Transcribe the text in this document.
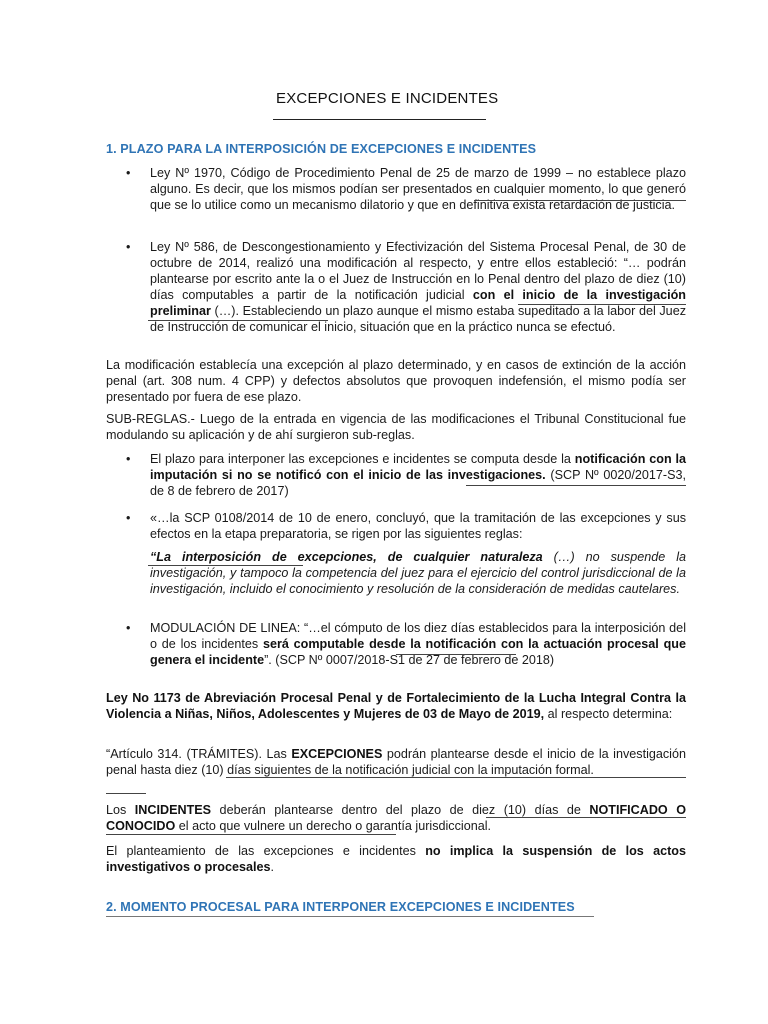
EXCEPCIONES E INCIDENTES
1. PLAZO PARA LA INTERPOSICIÓN DE EXCEPCIONES E INCIDENTES
• Ley Nº 1970, Código de Procedimiento Penal de 25 de marzo de 1999 – no establece plazo alguno. Es decir, que los mismos podían ser presentados en cualquier momento, lo que generó que se lo utilice como un mecanismo dilatorio y que en definitiva exista retardación de justicia.
• Ley Nº 586, de Descongestionamiento y Efectivización del Sistema Procesal Penal, de 30 de octubre de 2014, realizó una modificación al respecto, y entre ellos estableció: “… podrán plantearse por escrito ante la o el Juez de Instrucción en lo Penal dentro del plazo de diez (10) días computables a partir de la notificación judicial con el inicio de la investigación preliminar (…). Estableciendo un plazo aunque el mismo estaba supeditado a la labor del Juez de Instrucción de comunicar el inicio, situación que en la práctico nunca se efectuó.
La modificación establecía una excepción al plazo determinado, y en casos de extinción de la acción penal (art. 308 num. 4 CPP) y defectos absolutos que provoquen indefensión, el mismo podía ser presentado por fuera de ese plazo.
SUB-REGLAS.- Luego de la entrada en vigencia de las modificaciones el Tribunal Constitucional fue modulando su aplicación y de ahí surgieron sub-reglas.
• El plazo para interponer las excepciones e incidentes se computa desde la notificación con la imputación si no se notificó con el inicio de las investigaciones. (SCP Nº 0020/2017-S3, de 8 de febrero de 2017)
• «…la SCP 0108/2014 de 10 de enero, concluyó, que la tramitación de las excepciones y sus efectos en la etapa preparatoria, se rigen por las siguientes reglas:
“La interposición de excepciones, de cualquier naturaleza (…) no suspende la investigación, y tampoco la competencia del juez para el ejercicio del control jurisdiccional de la investigación, incluido el conocimiento y resolución de la consideración de medidas cautelares.
• MODULACIÓN DE LINEA: “…el cómputo de los diez días establecidos para la interposición del o de los incidentes será computable desde la notificación con la actuación procesal que genera el incidente”. (SCP Nº 0007/2018-S1 de 27 de febrero de 2018)
Ley No 1173 de Abreviación Procesal Penal y de Fortalecimiento de la Lucha Integral Contra la Violencia a Niñas, Niños, Adolescentes y Mujeres de 03 de Mayo de 2019, al respecto determina:
“Artículo 314. (TRÁMITES). Las EXCEPCIONES podrán plantearse desde el inicio de la investigación penal hasta diez (10) días siguientes de la notificación judicial con la imputación formal.
Los INCIDENTES deberán plantearse dentro del plazo de diez (10) días de NOTIFICADO O CONOCIDO el acto que vulnere un derecho o garantía jurisdiccional.
El planteamiento de las excepciones e incidentes no implica la suspensión de los actos investigativos o procesales.
2. MOMENTO PROCESAL PARA INTERPONER EXCEPCIONES E INCIDENTES
